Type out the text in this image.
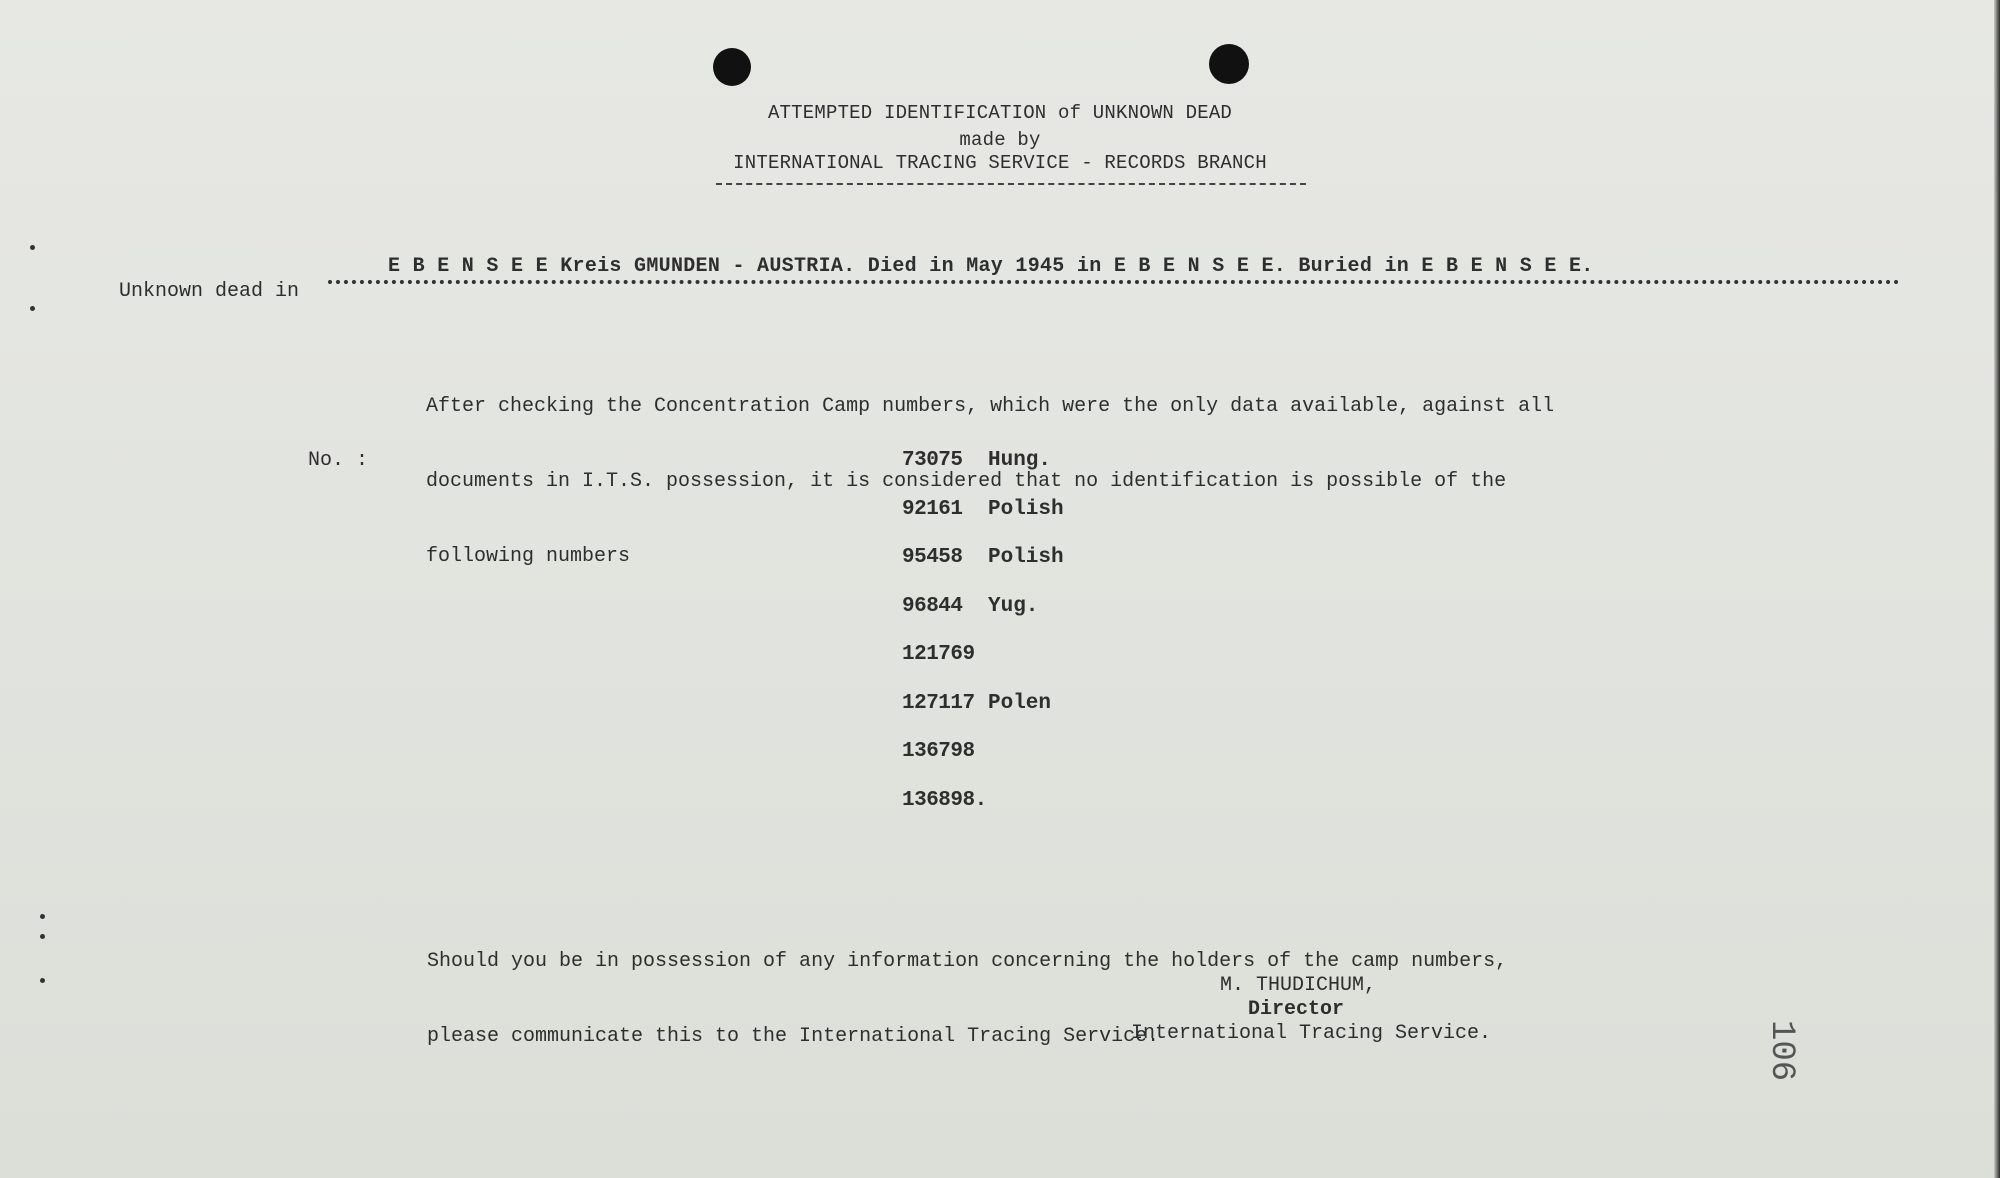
ATTEMPTED IDENTIFICATION of UNKNOWN DEAD
made by
INTERNATIONAL TRACING SERVICE - RECORDS BRANCH
Unknown dead in
E B E N S E E Kreis GMUNDEN - AUSTRIA. Died in May 1945 in E B E N S E E. Buried in E B E N S E E.

After checking the Concentration Camp numbers, which were the only data available, against all

documents in I.T.S. possession, it is considered that no identification is possible of the

following numbers

No. :	73075 Hung.
92161 Polish
95458 Polish
96844 Yug.
121769
127117 Polen
136798
136898.

Should you be in possession of any information concerning the holders of the camp numbers,

please communicate this to the International Tracing Service.

M. THUDICHUM,
Director
International Tracing Service.	106
